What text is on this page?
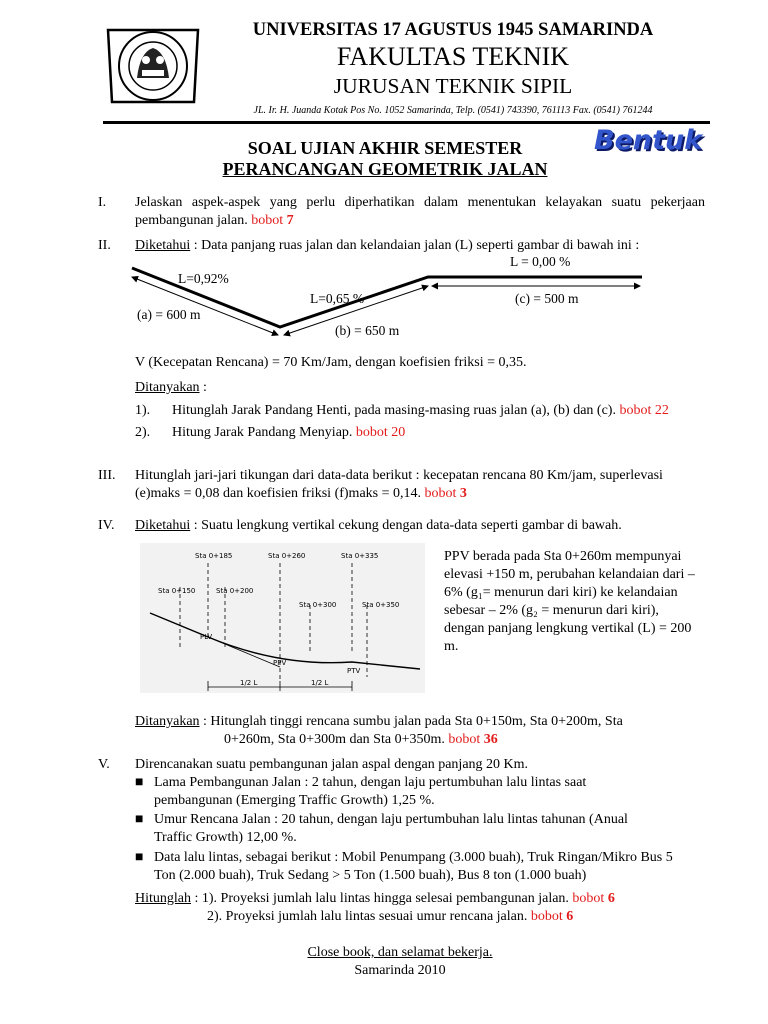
UNIVERSITAS 17 AGUSTUS 1945 SAMARINDA
FAKULTAS TEKNIK
JURUSAN TEKNIK SIPIL
JL. Ir. H. Juanda Kotak Pos No. 1052 Samarinda, Telp. (0541) 743390, 761113 Fax. (0541) 761244
SOAL UJIAN AKHIR SEMESTER
PERANCANGAN GEOMETRIK JALAN
Bentuk
I. Jelaskan aspek-aspek yang perlu diperhatikan dalam menentukan kelayakan suatu pekerjaan pembangunan jalan. bobot 7
II. Diketahui : Data panjang ruas jalan dan kelandaian jalan (L) seperti gambar di bawah ini :
L=0,92%
L=0,65 %
L = 0,00 %
(a) = 600 m
(b) = 650 m
(c) = 500 m
V (Kecepatan Rencana) = 70 Km/Jam, dengan koefisien friksi = 0,35.
Ditanyakan :
1). Hitunglah Jarak Pandang Henti, pada masing-masing ruas jalan (a), (b) dan (c). bobot 22
2). Hitung Jarak Pandang Menyiap. bobot 20
III. Hitunglah jari-jari tikungan dari data-data berikut : kecepatan rencana 80 Km/jam, superlevasi
(e)maks = 0,08 dan koefisien friksi (f)maks = 0,14. bobot 3
IV. Diketahui : Suatu lengkung vertikal cekung dengan data-data seperti gambar di bawah.
Sta 0+185	Sta 0+260	Sta 0+335
Sta 0+150	Sta 0+200
Sta 0+300	Sta 0+350
PLV
PPV
PTV
1/2 L	1/2 L
PPV berada pada Sta 0+260m mempunyai
elevasi +150 m, perubahan kelandaian dari –
6% (g₁= menurun dari kiri) ke kelandaian
sebesar – 2% (g₂ = menurun dari kiri),
dengan panjang lengkung vertikal (L) = 200
m.
Ditanyakan : Hitunglah tinggi rencana sumbu jalan pada Sta 0+150m, Sta 0+200m, Sta
0+260m, Sta 0+300m dan Sta 0+350m. bobot 36
V. Direncanakan suatu pembangunan jalan aspal dengan panjang 20 Km.
■ Lama Pembangunan Jalan : 2 tahun, dengan laju pertumbuhan lalu lintas saat
pembangunan (Emerging Traffic Growth) 1,25 %.
■ Umur Rencana Jalan : 20 tahun, dengan laju pertumbuhan lalu lintas tahunan (Anual
Traffic Growth) 12,00 %.
■ Data lalu lintas, sebagai berikut : Mobil Penumpang (3.000 buah), Truk Ringan/Mikro Bus 5
Ton (2.000 buah), Truk Sedang > 5 Ton (1.500 buah), Bus 8 ton (1.000 buah)
Hitunglah : 1). Proyeksi jumlah lalu lintas hingga selesai pembangunan jalan. bobot 6
2). Proyeksi jumlah lalu lintas sesuai umur rencana jalan. bobot 6
Close book, dan selamat bekerja.
Samarinda 2010
